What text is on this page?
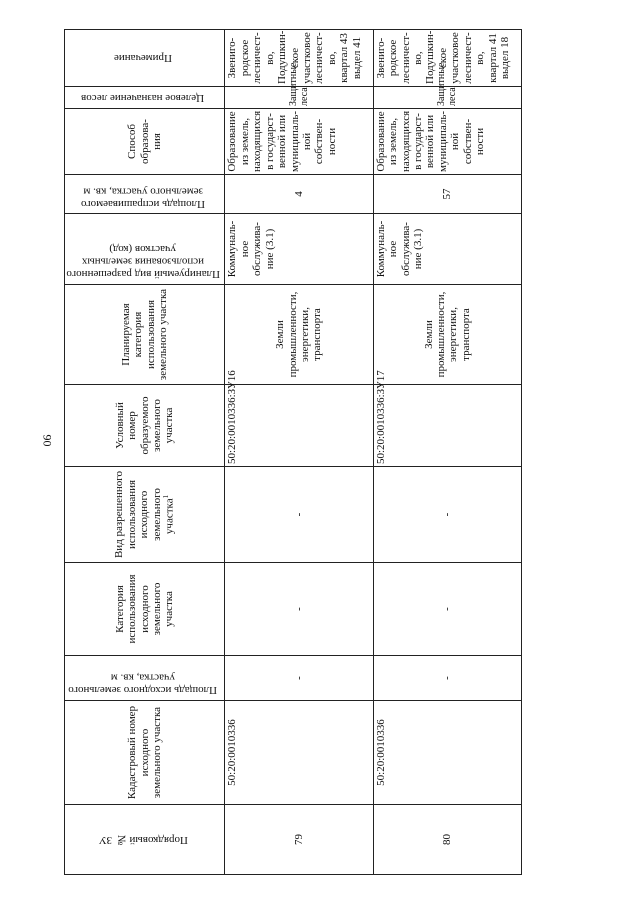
90
Порядковый № ЗУ	Кадастровый номер исходного земельного участка	Площадь исходного земельного участка, кв. м	Категория использования исходного земельного участка	Вид разрешенного использования исходного земельного участка$^1$	Условный номер образуемого земельного участка	Планируемая категория использования земельного участка	Планируемый вид разрешенного использования земельных участков (код)	Площадь испрашиваемого земельного участка, кв. м	Способ образова-ния	Целевое назначение лесов	Примечание
79	50:20:0010336	-	-	-	50:20:0010336:ЗУ16	Земли промышленности, энергетики, транспорта	Коммуналь-ное обслужива-ние (3.1)	4	Образование из земель, находящихся в государст-венной или муниципаль-ной собствен-ности	Защитные леса	Звениго-родское лесничест-во, Подушкин-ское участковое лесничест-во, квартал 43 выдел 41
80	50:20:0010336	-	-	-	50:20:0010336:ЗУ17	Земли промышленности, энергетики, транспорта	Коммуналь-ное обслужива-ние (3.1)	57	Образование из земель, находящихся в государст-венной или муниципаль-ной собствен-ности	Защитные леса	Звениго-родское лесничест-во, Подушкин-ское участковое лесничест-во, квартал 41 выдел 18
